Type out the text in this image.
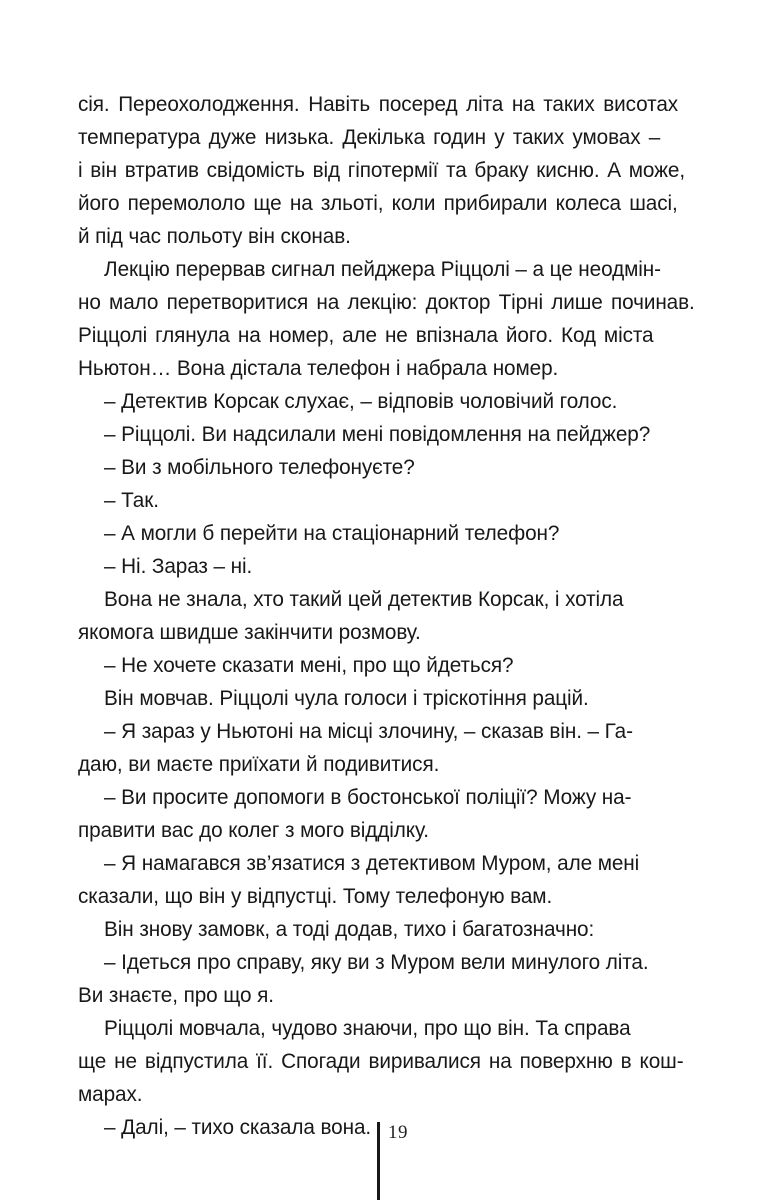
сія. Переохолодження. Навіть посеред літа на таких висотах
температура дуже низька. Декілька годин у таких умовах –
і він втратив свідомість від гіпотермії та браку кисню. А може,
його перемололо ще на зльоті, коли прибирали колеса шасі,
й під час польоту він сконав.
Лекцію перервав сигнал пейджера Ріццолі – а це неодмін-
но мало перетворитися на лекцію: доктор Тірні лише починав.
Ріццолі глянула на номер, але не впізнала його. Код міста
Ньютон… Вона дістала телефон і набрала номер.
– Детектив Корсак слухає, – відповів чоловічий голос.
– Ріццолі. Ви надсилали мені повідомлення на пейджер?
– Ви з мобільного телефонуєте?
– Так.
– А могли б перейти на стаціонарний телефон?
– Ні. Зараз – ні.
Вона не знала, хто такий цей детектив Корсак, і хотіла
якомога швидше закінчити розмову.
– Не хочете сказати мені, про що йдеться?
Він мовчав. Ріццолі чула голоси і тріскотіння рацій.
– Я зараз у Ньютоні на місці злочину, – сказав він. – Га-
даю, ви маєте приїхати й подивитися.
– Ви просите допомоги в бостонської поліції? Можу на-
правити вас до колег з мого відділку.
– Я намагався зв’язатися з детективом Муром, але мені
сказали, що він у відпустці. Тому телефоную вам.
Він знову замовк, а тоді додав, тихо і багатозначно:
– Ідеться про справу, яку ви з Муром вели минулого літа.
Ви знаєте, про що я.
Ріццолі мовчала, чудово знаючи, про що він. Та справа
ще не відпустила її. Спогади виривалися на поверхню в кош-
марах.
– Далі, – тихо сказала вона. 19
